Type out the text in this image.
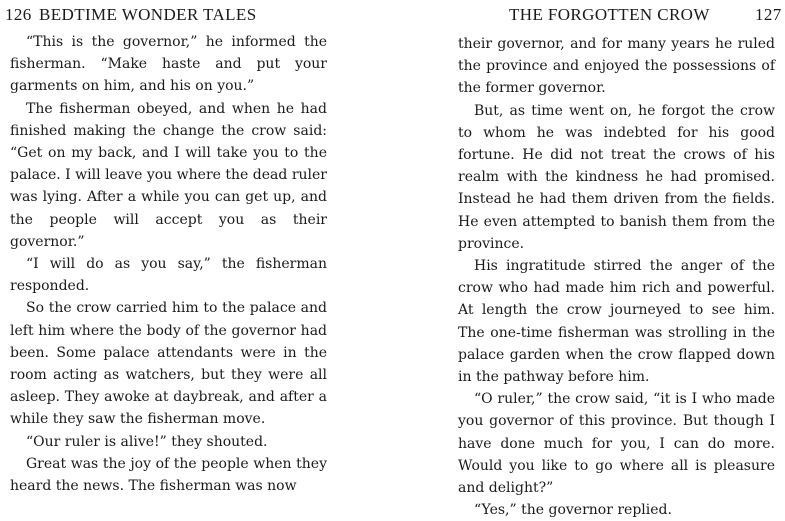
126 BEDTIME WONDER TALES

“This is the governor,” he informed the fisherman. “Make haste and put your garments on him, and his on you.”

The fisherman obeyed, and when he had finished making the change the crow said: “Get on my back, and I will take you to the palace. I will leave you where the dead ruler was lying. After a while you can get up, and the people will accept you as their governor.”

“I will do as you say,” the fisherman responded.

So the crow carried him to the palace and left him where the body of the governor had been. Some palace attendants were in the room acting as watchers, but they were all asleep. They awoke at daybreak, and after a while they saw the fisherman move.

“Our ruler is alive!” they shouted.

Great was the joy of the people when they heard the news. The fisherman was now

THE FORGOTTEN CROW	127

their governor, and for many years he ruled the province and enjoyed the possessions of the former governor.

But, as time went on, he forgot the crow to whom he was indebted for his good fortune. He did not treat the crows of his realm with the kindness he had promised. Instead he had them driven from the fields. He even attempted to banish them from the province.

His ingratitude stirred the anger of the crow who had made him rich and powerful. At length the crow journeyed to see him. The one-time fisherman was strolling in the palace garden when the crow flapped down in the pathway before him.

“O ruler,” the crow said, “it is I who made you governor of this province. But though I have done much for you, I can do more. Would you like to go where all is pleasure and delight?”

“Yes,” the governor replied.
